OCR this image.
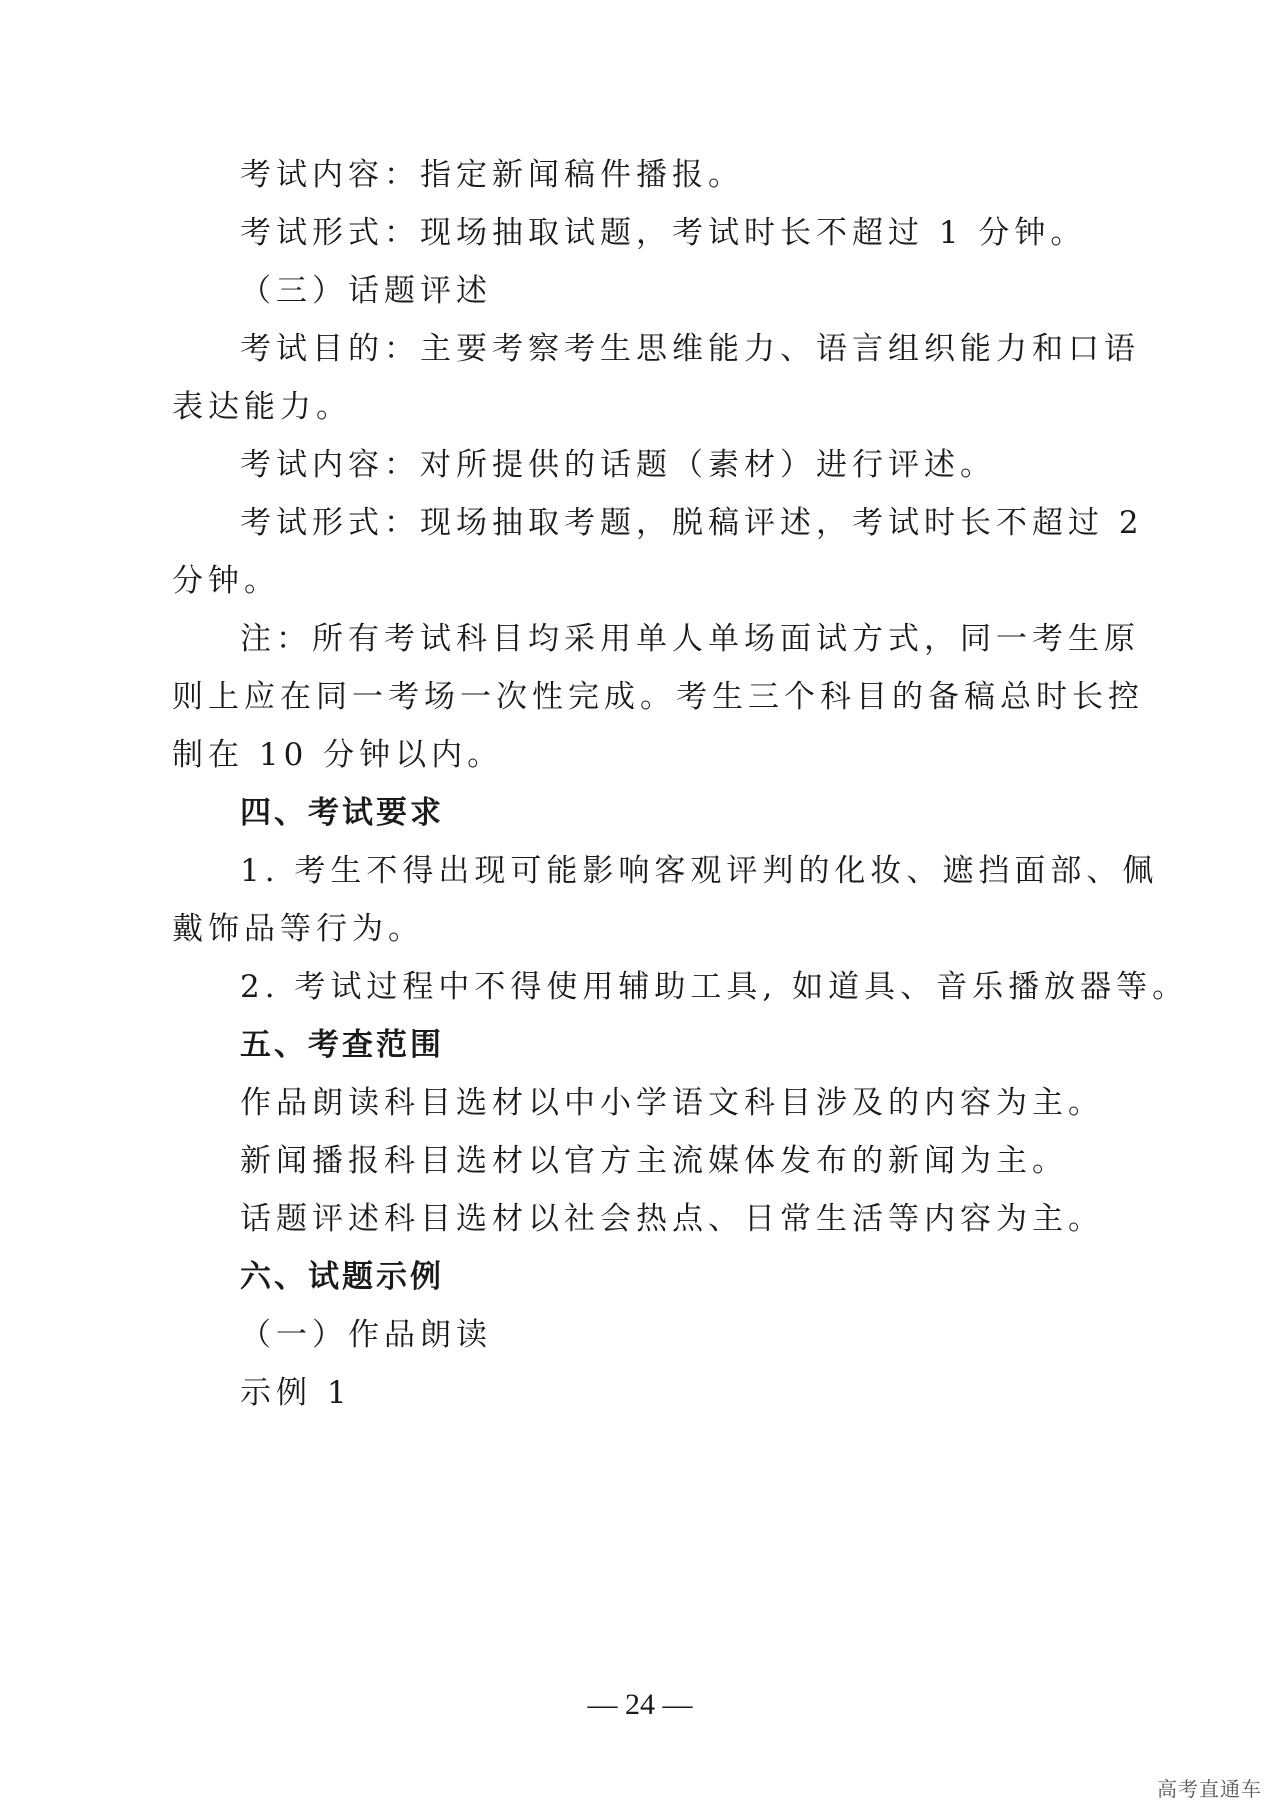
考试内容：指定新闻稿件播报。
考试形式：现场抽取试题，考试时长不超过 1 分钟。
（三）话题评述
考试目的：主要考察考生思维能力、语言组织能力和口语
表达能力。
考试内容：对所提供的话题（素材）进行评述。
考试形式：现场抽取考题，脱稿评述，考试时长不超过 2
分钟。
注：所有考试科目均采用单人单场面试方式，同一考生原
则上应在同一考场一次性完成。考生三个科目的备稿总时长控
制在 10 分钟以内。
四、考试要求
1. 考生不得出现可能影响客观评判的化妆、遮挡面部、佩
戴饰品等行为。
2. 考试过程中不得使用辅助工具, 如道具、音乐播放器等。
五、考查范围
作品朗读科目选材以中小学语文科目涉及的内容为主。
新闻播报科目选材以官方主流媒体发布的新闻为主。
话题评述科目选材以社会热点、日常生活等内容为主。
六、试题示例
（一）作品朗读
示例 1
— 24 —
高考直通车
